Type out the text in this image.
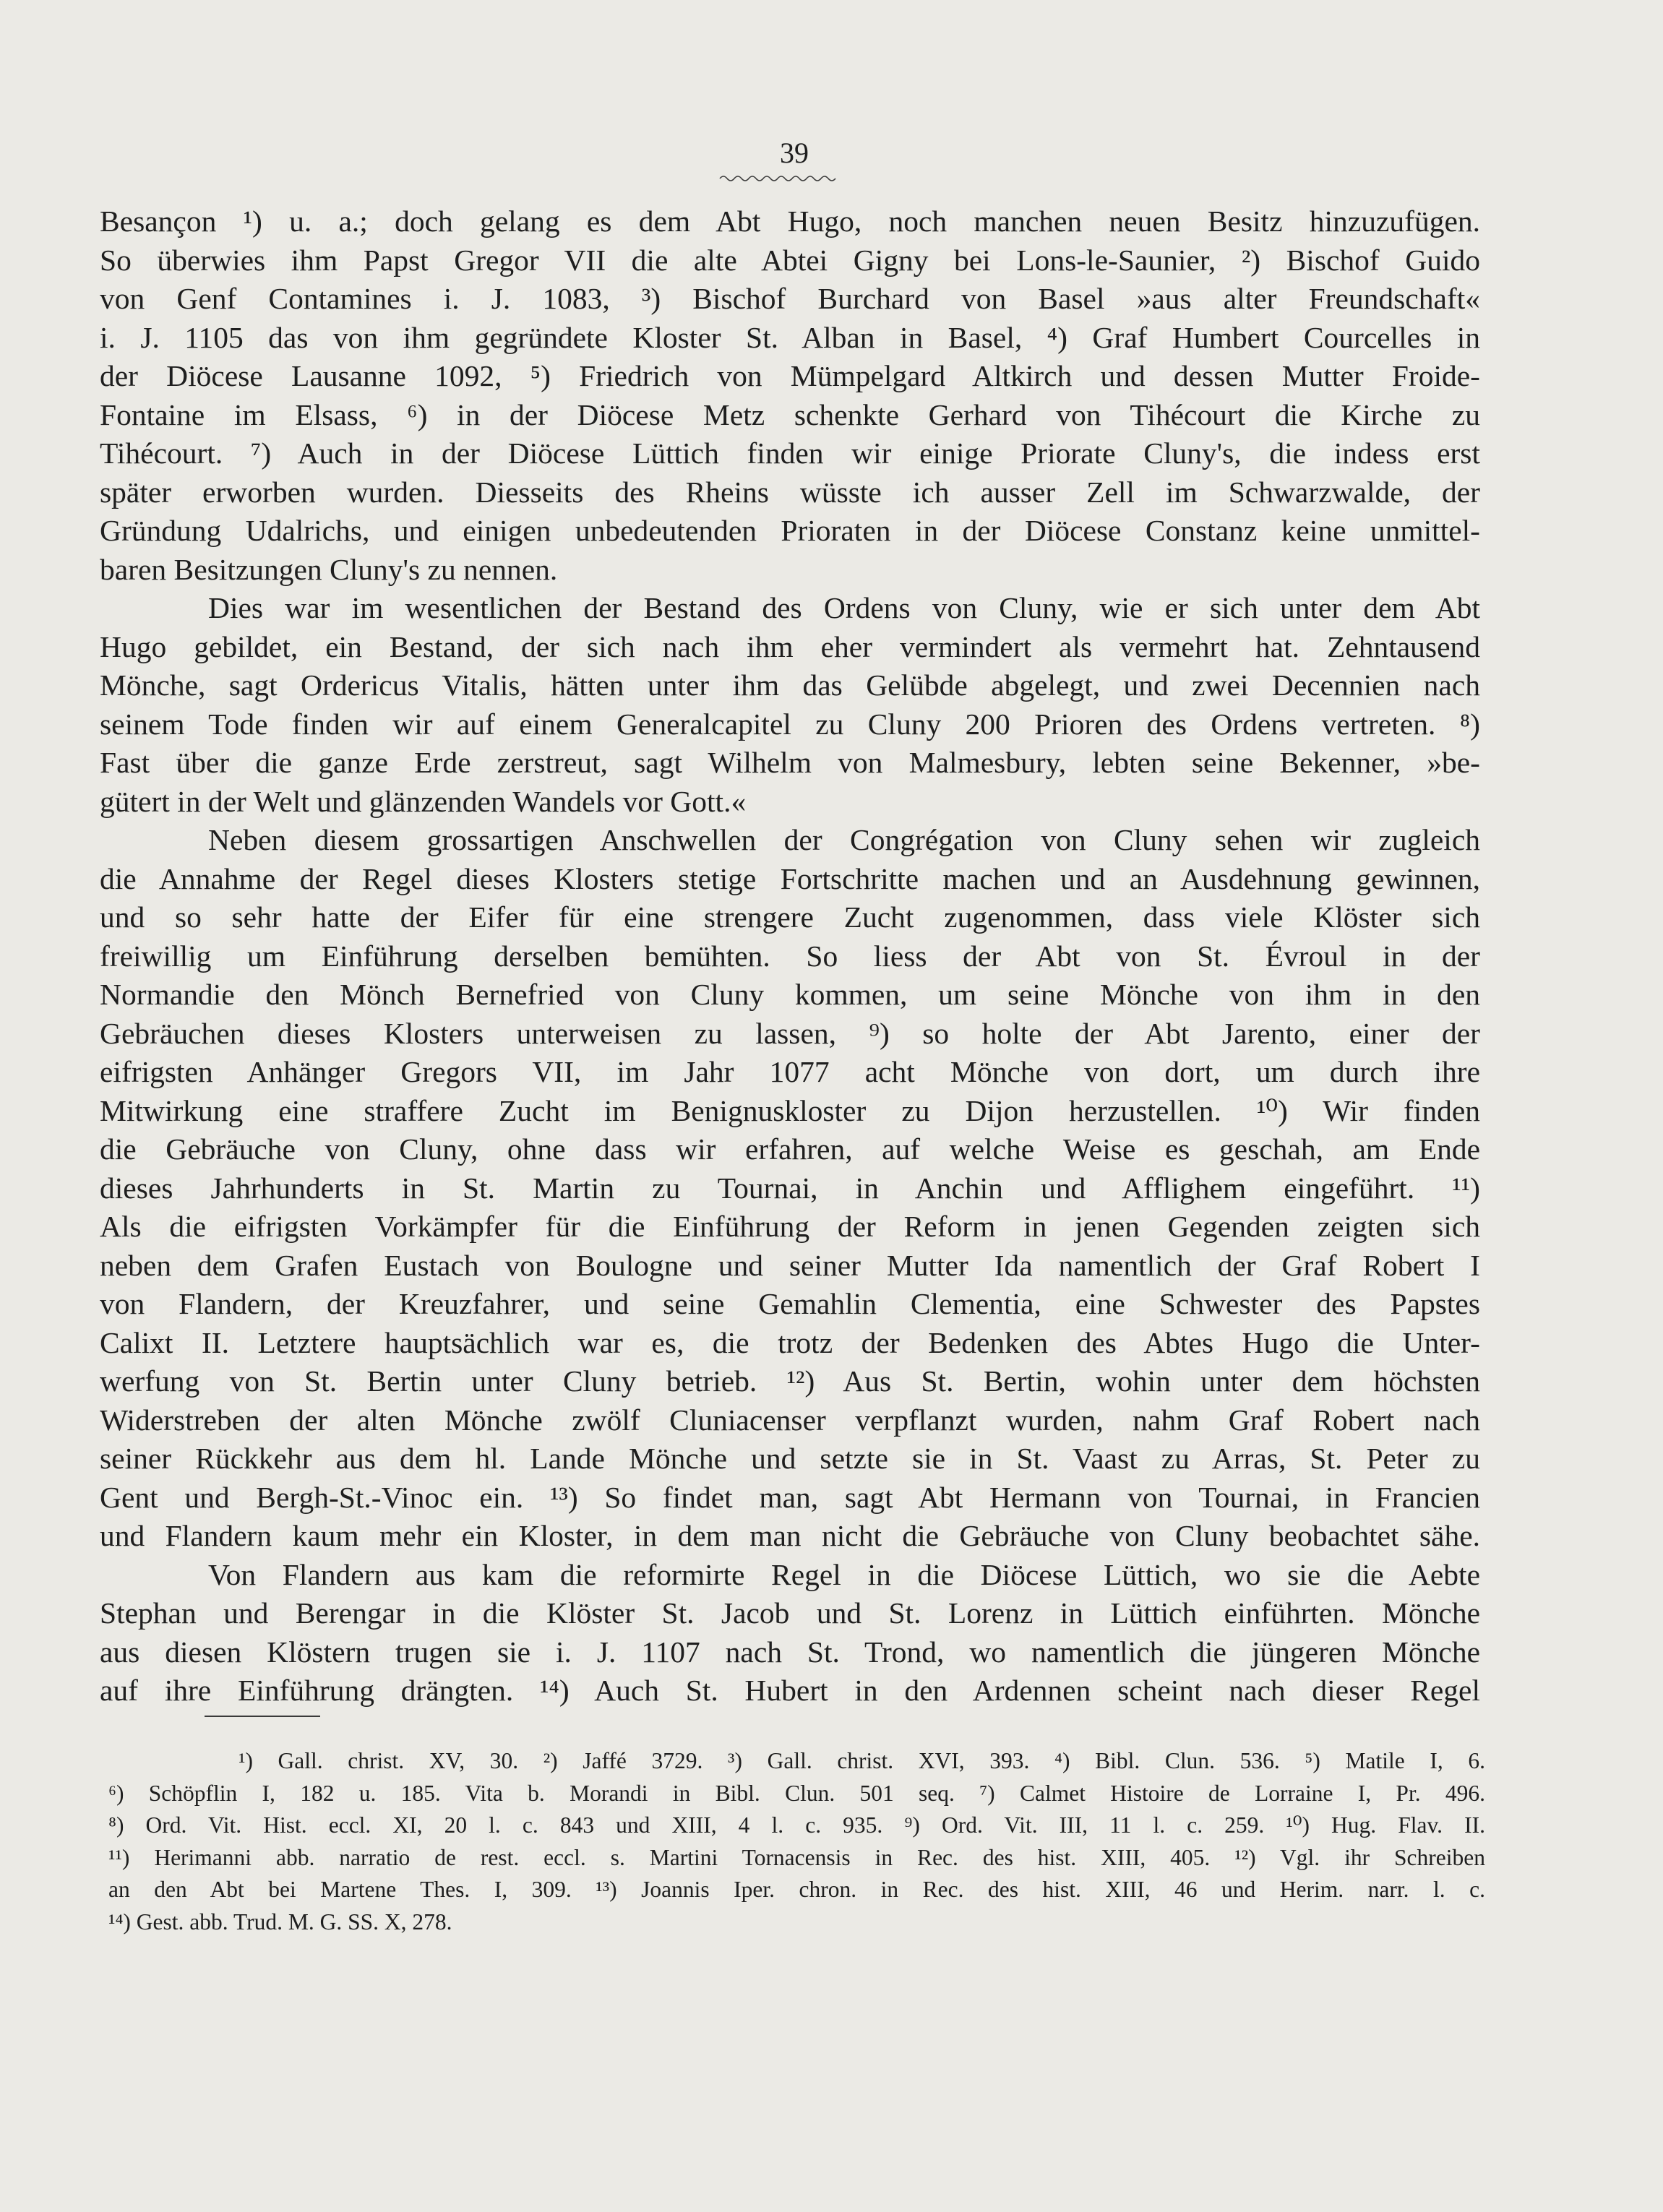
39
Besançon ¹) u. a.; doch gelang es dem Abt Hugo, noch manchen neuen Besitz hinzuzufügen.
So überwies ihm Papst Gregor VII die alte Abtei Gigny bei Lons-le-Saunier, ²) Bischof Guido
von Genf Contamines i. J. 1083, ³) Bischof Burchard von Basel »aus alter Freundschaft«
i. J. 1105 das von ihm gegründete Kloster St. Alban in Basel, ⁴) Graf Humbert Courcelles in
der Diöcese Lausanne 1092, ⁵) Friedrich von Mümpelgard Altkirch und dessen Mutter Froide-
Fontaine im Elsass, ⁶) in der Diöcese Metz schenkte Gerhard von Tihécourt die Kirche zu
Tihécourt. ⁷) Auch in der Diöcese Lüttich finden wir einige Priorate Cluny's, die indess erst
später erworben wurden. Diesseits des Rheins wüsste ich ausser Zell im Schwarzwalde, der
Gründung Udalrichs, und einigen unbedeutenden Prioraten in der Diöcese Constanz keine unmittel-
baren Besitzungen Cluny's zu nennen.
Dies war im wesentlichen der Bestand des Ordens von Cluny, wie er sich unter dem Abt
Hugo gebildet, ein Bestand, der sich nach ihm eher vermindert als vermehrt hat. Zehntausend
Mönche, sagt Ordericus Vitalis, hätten unter ihm das Gelübde abgelegt, und zwei Decennien nach
seinem Tode finden wir auf einem Generalcapitel zu Cluny 200 Prioren des Ordens vertreten. ⁸)
Fast über die ganze Erde zerstreut, sagt Wilhelm von Malmesbury, lebten seine Bekenner, »be-
gütert in der Welt und glänzenden Wandels vor Gott.«
Neben diesem grossartigen Anschwellen der Congrégation von Cluny sehen wir zugleich
die Annahme der Regel dieses Klosters stetige Fortschritte machen und an Ausdehnung gewinnen,
und so sehr hatte der Eifer für eine strengere Zucht zugenommen, dass viele Klöster sich
freiwillig um Einführung derselben bemühten. So liess der Abt von St. Évroul in der
Normandie den Mönch Bernefried von Cluny kommen, um seine Mönche von ihm in den
Gebräuchen dieses Klosters unterweisen zu lassen, ⁹) so holte der Abt Jarento, einer der
eifrigsten Anhänger Gregors VII, im Jahr 1077 acht Mönche von dort, um durch ihre
Mitwirkung eine straffere Zucht im Benignuskloster zu Dijon herzustellen. ¹⁰) Wir finden
die Gebräuche von Cluny, ohne dass wir erfahren, auf welche Weise es geschah, am Ende
dieses Jahrhunderts in St. Martin zu Tournai, in Anchin und Afflighem eingeführt. ¹¹)
Als die eifrigsten Vorkämpfer für die Einführung der Reform in jenen Gegenden zeigten sich
neben dem Grafen Eustach von Boulogne und seiner Mutter Ida namentlich der Graf Robert I
von Flandern, der Kreuzfahrer, und seine Gemahlin Clementia, eine Schwester des Papstes
Calixt II. Letztere hauptsächlich war es, die trotz der Bedenken des Abtes Hugo die Unter-
werfung von St. Bertin unter Cluny betrieb. ¹²) Aus St. Bertin, wohin unter dem höchsten
Widerstreben der alten Mönche zwölf Cluniacenser verpflanzt wurden, nahm Graf Robert nach
seiner Rückkehr aus dem hl. Lande Mönche und setzte sie in St. Vaast zu Arras, St. Peter zu
Gent und Bergh-St.-Vinoc ein. ¹³) So findet man, sagt Abt Hermann von Tournai, in Francien
und Flandern kaum mehr ein Kloster, in dem man nicht die Gebräuche von Cluny beobachtet sähe.
Von Flandern aus kam die reformirte Regel in die Diöcese Lüttich, wo sie die Aebte
Stephan und Berengar in die Klöster St. Jacob und St. Lorenz in Lüttich einführten. Mönche
aus diesen Klöstern trugen sie i. J. 1107 nach St. Trond, wo namentlich die jüngeren Mönche
auf ihre Einführung drängten. ¹⁴) Auch St. Hubert in den Ardennen scheint nach dieser Regel
¹) Gall. christ. XV, 30. ²) Jaffé 3729. ³) Gall. christ. XVI, 393. ⁴) Bibl. Clun. 536. ⁵) Matile I, 6.
⁶) Schöpflin I, 182 u. 185. Vita b. Morandi in Bibl. Clun. 501 seq. ⁷) Calmet Histoire de Lorraine I, Pr. 496.
⁸) Ord. Vit. Hist. eccl. XI, 20 l. c. 843 und XIII, 4 l. c. 935. ⁹) Ord. Vit. III, 11 l. c. 259. ¹⁰) Hug. Flav. II.
¹¹) Herimanni abb. narratio de rest. eccl. s. Martini Tornacensis in Rec. des hist. XIII, 405. ¹²) Vgl. ihr Schreiben
an den Abt bei Martene Thes. I, 309. ¹³) Joannis Iper. chron. in Rec. des hist. XIII, 46 und Herim. narr. l. c.
¹⁴) Gest. abb. Trud. M. G. SS. X, 278.
